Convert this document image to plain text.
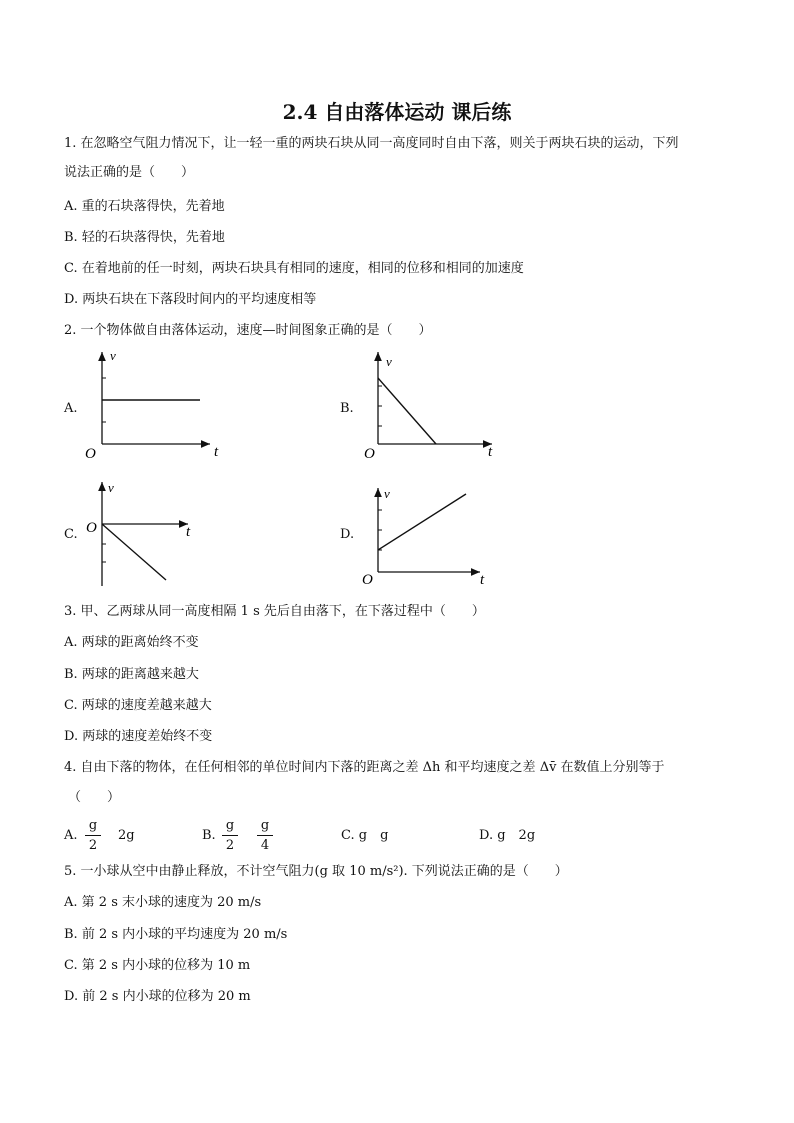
2.4 自由落体运动 课后练
1. 在忽略空气阻力情况下，让一轻一重的两块石块从同一高度同时自由下落，则关于两块石块的运动，下列
说法正确的是（　　）
A. 重的石块落得快，先着地
B. 轻的石块落得快，先着地
C. 在着地前的任一时刻，两块石块具有相同的速度，相同的位移和相同的加速度
D. 两块石块在下落段时间内的平均速度相等
2. 一个物体做自由落体运动，速度—时间图象正确的是（　　）
A.	B.
C.	D.
v
t
O
v
t
O
v
t
O
v
t
O
3. 甲、乙两球从同一高度相隔 1 s 先后自由落下，在下落过程中（　　）
A. 两球的距离始终不变
B. 两球的距离越来越大
C. 两球的速度差越来越大
D. 两球的速度差始终不变
4. 自由下落的物体，在任何相邻的单位时间内下落的距离之差 Δh 和平均速度之差 Δv̄ 在数值上分别等于
（　　）
A.
g
2
2g	B.
g
2
g
4
C. g　g	D. g　2g
5. 一小球从空中由静止释放，不计空气阻力(g 取 10 m/s²). 下列说法正确的是（　　）
A. 第 2 s 末小球的速度为 20 m/s
B. 前 2 s 内小球的平均速度为 20 m/s
C. 第 2 s 内小球的位移为 10 m
D. 前 2 s 内小球的位移为 20 m
